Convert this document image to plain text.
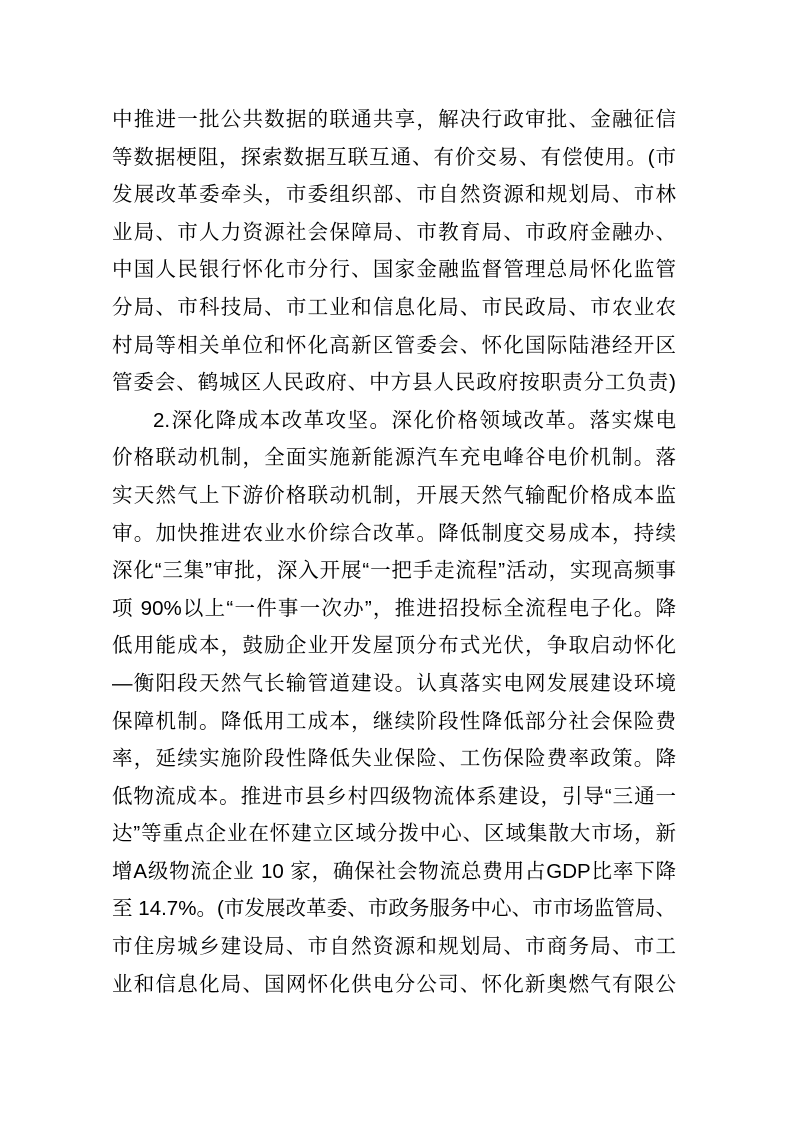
中推进一批公共数据的联通共享，解决行政审批、金融征信
等数据梗阻，探索数据互联互通、有价交易、有偿使用。(市
发展改革委牵头，市委组织部、市自然资源和规划局、市林
业局、市人力资源社会保障局、市教育局、市政府金融办、
中国人民银行怀化市分行、国家金融监督管理总局怀化监管
分局、市科技局、市工业和信息化局、市民政局、市农业农
村局等相关单位和怀化高新区管委会、怀化国际陆港经开区
管委会、鹤城区人民政府、中方县人民政府按职责分工负责)
2.深化降成本改革攻坚。深化价格领域改革。落实煤电
价格联动机制，全面实施新能源汽车充电峰谷电价机制。落
实天然气上下游价格联动机制，开展天然气输配价格成本监
审。加快推进农业水价综合改革。降低制度交易成本，持续
深化“三集”审批，深入开展“一把手走流程”活动，实现高频事
项 90%以上“一件事一次办”，推进招投标全流程电子化。降
低用能成本，鼓励企业开发屋顶分布式光伏，争取启动怀化
—衡阳段天然气长输管道建设。认真落实电网发展建设环境
保障机制。降低用工成本，继续阶段性降低部分社会保险费
率，延续实施阶段性降低失业保险、工伤保险费率政策。降
低物流成本。推进市县乡村四级物流体系建设，引导“三通一
达”等重点企业在怀建立区域分拨中心、区域集散大市场，新
增A级物流企业 10 家，确保社会物流总费用占GDP比率下降
至 14.7%。(市发展改革委、市政务服务中心、市市场监管局、
市住房城乡建设局、市自然资源和规划局、市商务局、市工
业和信息化局、国网怀化供电分公司、怀化新奥燃气有限公
